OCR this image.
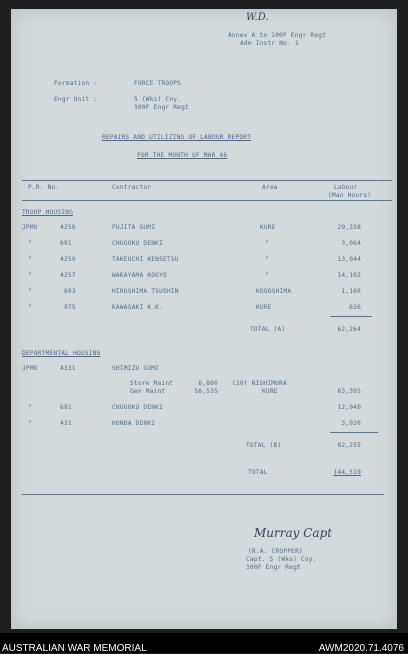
W.D.
Annex A to 100F Engr Regt
Adm Instr No. 1
Formation :	FORCE TROOPS
Engr Unit :	5 (Wks) Coy.
100F Engr Regt
REPAIRS AND UTILIZING OF LABOUR REPORT
FOR THE MONTH OF MAR 46
P.R. No.	Contractor	Area	Labour
(Man Hours)
TROOP HOUSING
JPMO	4258	FUJITA GUMI	KURE	29,338
"	691	CHUGOKU DENKI	"	3,064
"	4259	TAKEUCHI KENSETSU	"	13,944
"	4257	WAKAYAMA KOGYO	"	14,102
"	693	HIROSHIMA TSUSHIN	KOGOSHIMA	1,160
"	975	KAWASAKI K.K.	KURE	636
TOTAL (A)	62,264
DEPARTMENTAL HOUSING
JPMO	4331	SHIMIZU GUMI
Store Maint	6,860 (20) NISHIMURA
Gen Maint	56,535	KURE	63,395
"	691	CHUGOKU DENKI	12,940
"	431	HONDA DENKI	3,920
TOTAL (B)	82,255
TOTAL	144,519
Murray Capt
(R.A. CROPPER)
Capt. 5 (Wks) Coy.
100F Engr Regt
AUSTRALIAN WAR MEMORIAL	AWM2020.71.4076
